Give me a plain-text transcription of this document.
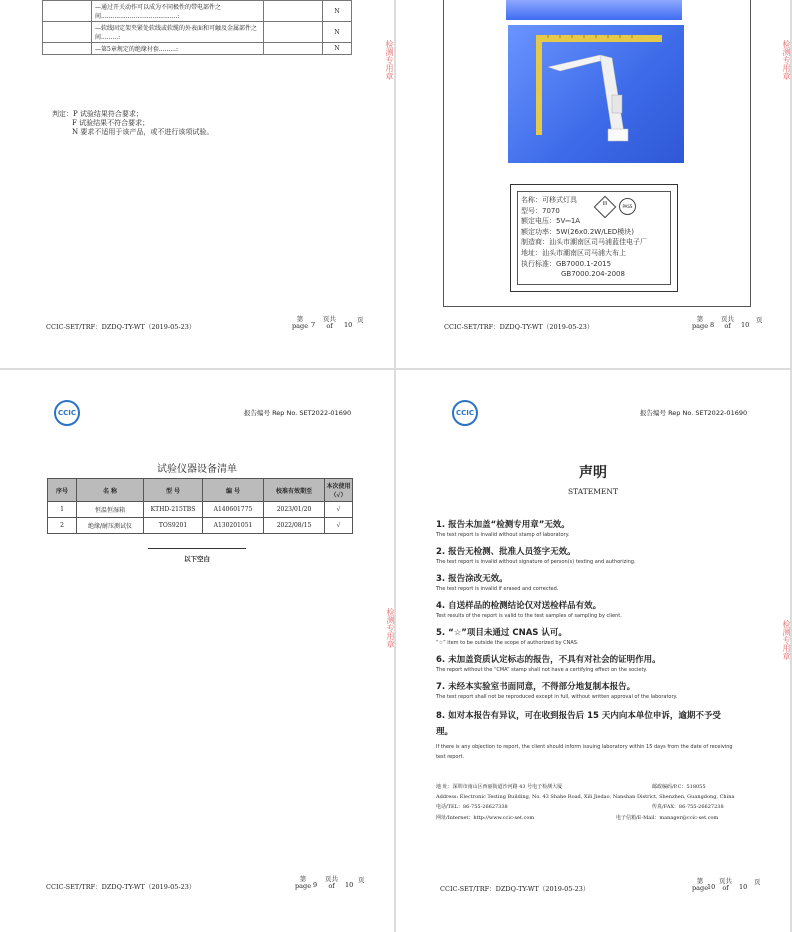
	—通过开关动作可以成为不同极性的带电部件之间........................................:		N
	—软线固定架夹紧处软线或软缆的外表面和可触及金属部件之间.........:		N
	—第5章规定的绝缘衬套.........:		N
判定：P 试验结果符合要求；
F 试验结果不符合要求；
N 要求不适用于该产品，或不进行该项试验。
检测专用章
CCIC-SET/TRF：DZDQ-TY-WT（2019-05-23）
第
page 7
页共
of	10
页
名称：可移式灯具
型号：7070
额定电压：5V⎓1A
额定功率：5W(26x0.2W/LED模块)
制造商：汕头市潮南区司马浦蓝佳电子厂
地址：汕头市潮南区司马浦大布上
执行标准：GB7000.1-2015
GB7000.204-2008
III	PASS
检测专用章
CCIC-SET/TRF：DZDQ-TY-WT（2019-05-23）
第
page 8
页共
of	10
页
CCIC	报告编号 Rep No. SET2022-01690
试验仪器设备清单
序号	名 称	型 号	编 号	校准有效期至	本次使用（√）
1	恒温恒湿箱	KTHD-215TBS	A140601775	2023/01/20	√
2	绝缘/耐压测试仪	TOS9201	A130201051	2022/08/15	√
以下空白
检测专用章
CCIC-SET/TRF：DZDQ-TY-WT（2019-05-23）
第
page 9
页共
of	10
页
CCIC	报告编号 Rep No. SET2022-01690
声明
STATEMENT
1. 报告未加盖“检测专用章”无效。
The test report is invalid without stamp of laboratory.
2. 报告无检测、批准人员签字无效。
The test report is invalid without signature of person(s) testing and authorizing.
3. 报告涂改无效。
The test report is invalid if erased and corrected.
4. 自送样品的检测结论仅对送检样品有效。
Test results of the report is valid to the test samples of sampling by client.
5. “☆”项目未通过 CNAS 认可。
“☆” item to be outside the scope of authorized by CNAS.
6. 未加盖资质认定标志的报告，不具有对社会的证明作用。
The report without the “CMA” stamp shall not have a certifying effect on the society.
7. 未经本实验室书面同意，不得部分地复制本报告。
The test report shall not be reproduced except in full, without written approval of the laboratory.
8. 如对本报告有异议，可在收到报告后 15 天内向本单位申诉，逾期不予受理。
If there is any objection to report, the client should inform issuing laboratory within 15 days from the date of receiving test report.
地 址：深圳市南山区西丽街道沙河路 43 号电子检测大厦	邮政编码/P.C：518055
Address: Electronic Testing Building, No. 43 Shahe Road, Xili Jiedao, Nanshan District, Shenzhen, Guangdong, China
电话/TEL：86-755-26627338	传真/FAX：86-755-26627238
网址/Internet：http://www.ccic-set.com	电子信箱/E-Mail：manager@ccic-set.com
检测专用章
CCIC-SET/TRF：DZDQ-TY-WT（2019-05-23）
第
page
10
页共
of	10
页
